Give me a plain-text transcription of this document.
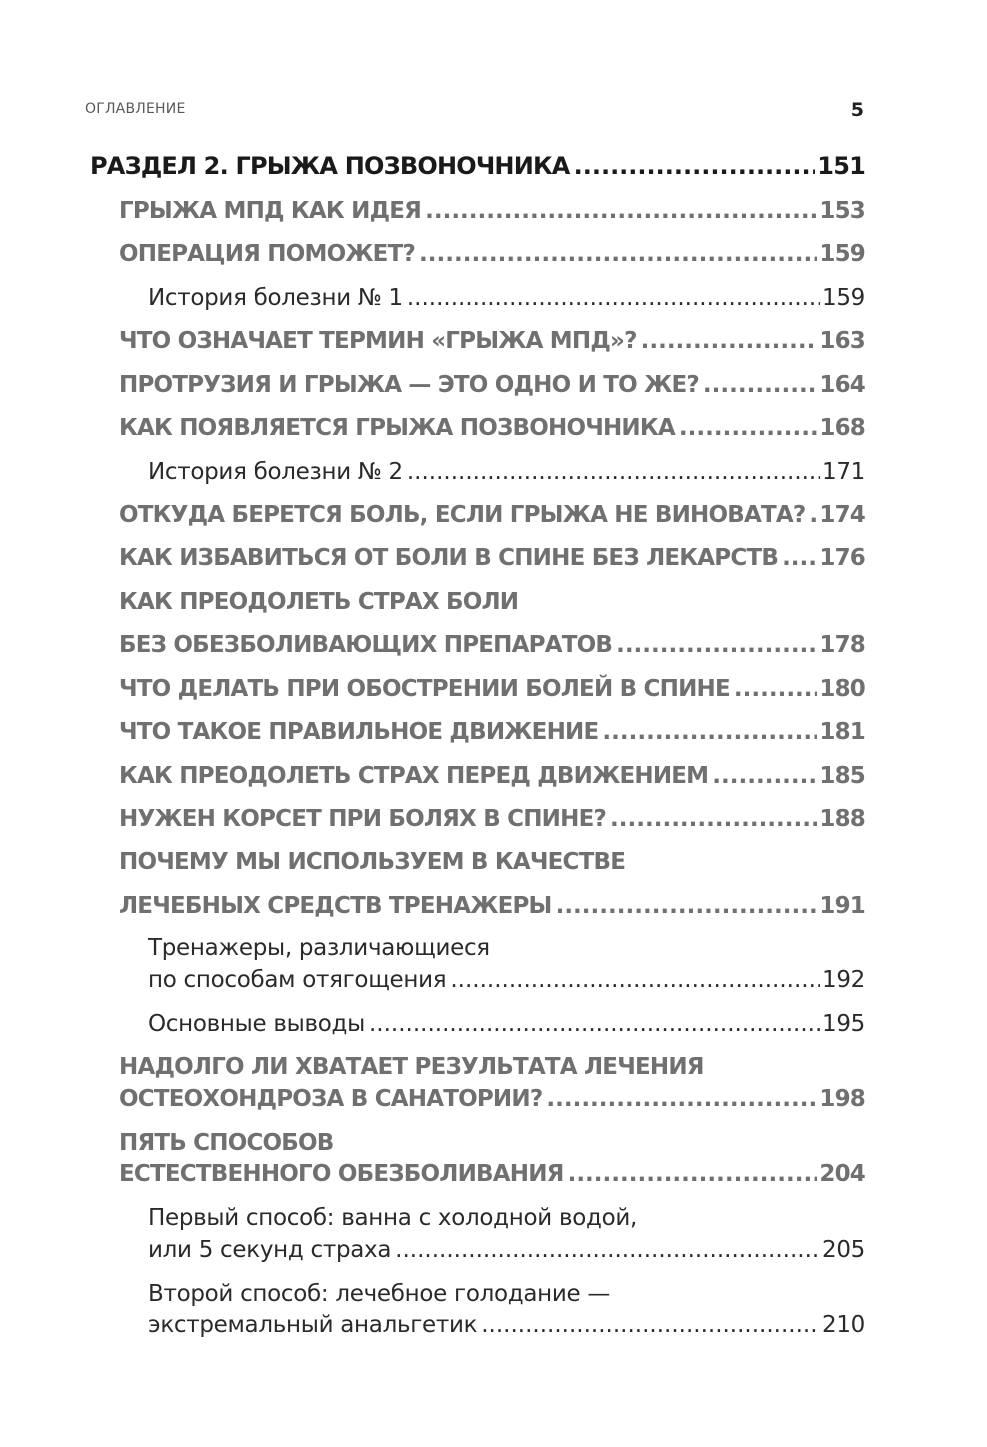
ОГЛАВЛЕНИЕ	5
РАЗДЕЛ 2. ГРЫЖА ПОЗВОНОЧНИКА .....	151
ГРЫЖА МПД КАК ИДЕЯ .....	153
ОПЕРАЦИЯ ПОМОЖЕТ? .....	159
История болезни № 1 .....	159
ЧТО ОЗНАЧАЕТ ТЕРМИН «ГРЫЖА МПД»? .....	163
ПРОТРУЗИЯ И ГРЫЖА — ЭТО ОДНО И ТО ЖЕ? .....	164
КАК ПОЯВЛЯЕТСЯ ГРЫЖА ПОЗВОНОЧНИКА .....	168
История болезни № 2 .....	171
ОТКУДА БЕРЕТСЯ БОЛЬ, ЕСЛИ ГРЫЖА НЕ ВИНОВАТА? ..... 174
КАК ИЗБАВИТЬСЯ ОТ БОЛИ В СПИНЕ БЕЗ ЛЕКАРСТВ ..... 176
КАК ПРЕОДОЛЕТЬ СТРАХ БОЛИ
БЕЗ ОБЕЗБОЛИВАЮЩИХ ПРЕПАРАТОВ .....	178
ЧТО ДЕЛАТЬ ПРИ ОБОСТРЕНИИ БОЛЕЙ В СПИНЕ .....	180
ЧТО ТАКОЕ ПРАВИЛЬНОЕ ДВИЖЕНИЕ .....	181
КАК ПРЕОДОЛЕТЬ СТРАХ ПЕРЕД ДВИЖЕНИЕМ .....	185
НУЖЕН КОРСЕТ ПРИ БОЛЯХ В СПИНЕ? .....	188
ПОЧЕМУ МЫ ИСПОЛЬЗУЕМ В КАЧЕСТВЕ
ЛЕЧЕБНЫХ СРЕДСТВ ТРЕНАЖЕРЫ .....	191
Тренажеры, различающиеся
по способам отягощения .....	192
Основные выводы .....	195
НАДОЛГО ЛИ ХВАТАЕТ РЕЗУЛЬТАТА ЛЕЧЕНИЯ
ОСТЕОХОНДРОЗА В САНАТОРИИ? .....	198
ПЯТЬ СПОСОБОВ
ЕСТЕСТВЕННОГО ОБЕЗБОЛИВАНИЯ .....	204
Первый способ: ванна с холодной водой,
или 5 секунд страха .....	205
Второй способ: лечебное голодание —
экстремальный анальгетик .....	210
